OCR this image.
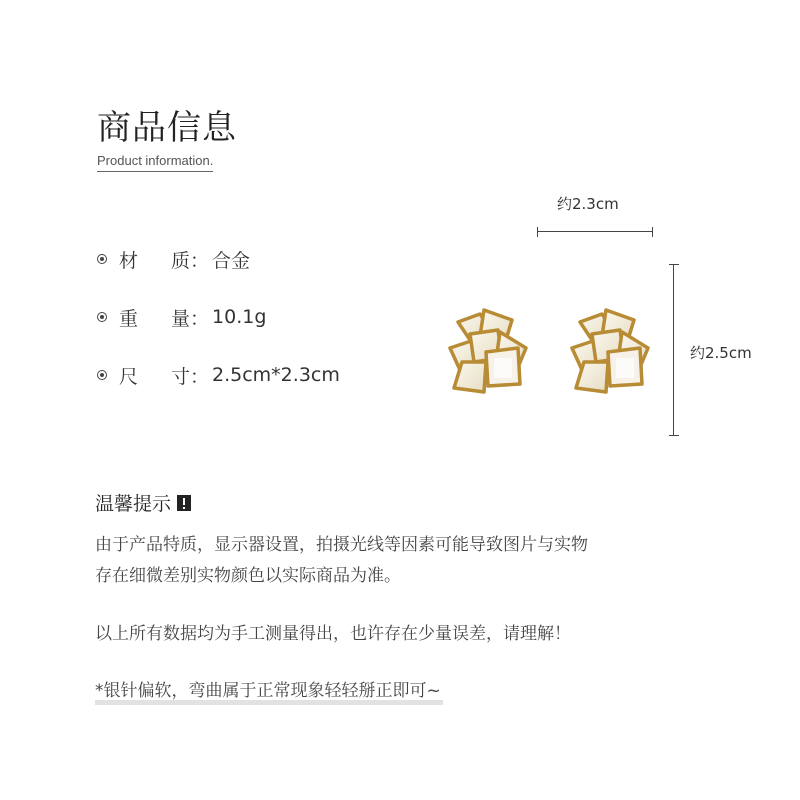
商品信息
Product information.
材	质 ： 合金
重	量 ： 10.1g
尺	寸 ： 2.5cm*2.3cm
约2.3cm
约2.5cm
温馨提示
由于产品特质，显示器设置，拍摄光线等因素可能导致图片与实物
存在细微差别实物颜色以实际商品为准。
以上所有数据均为手工测量得出，也许存在少量误差，请理解！
*银针偏软，弯曲属于正常现象轻轻掰正即可~
